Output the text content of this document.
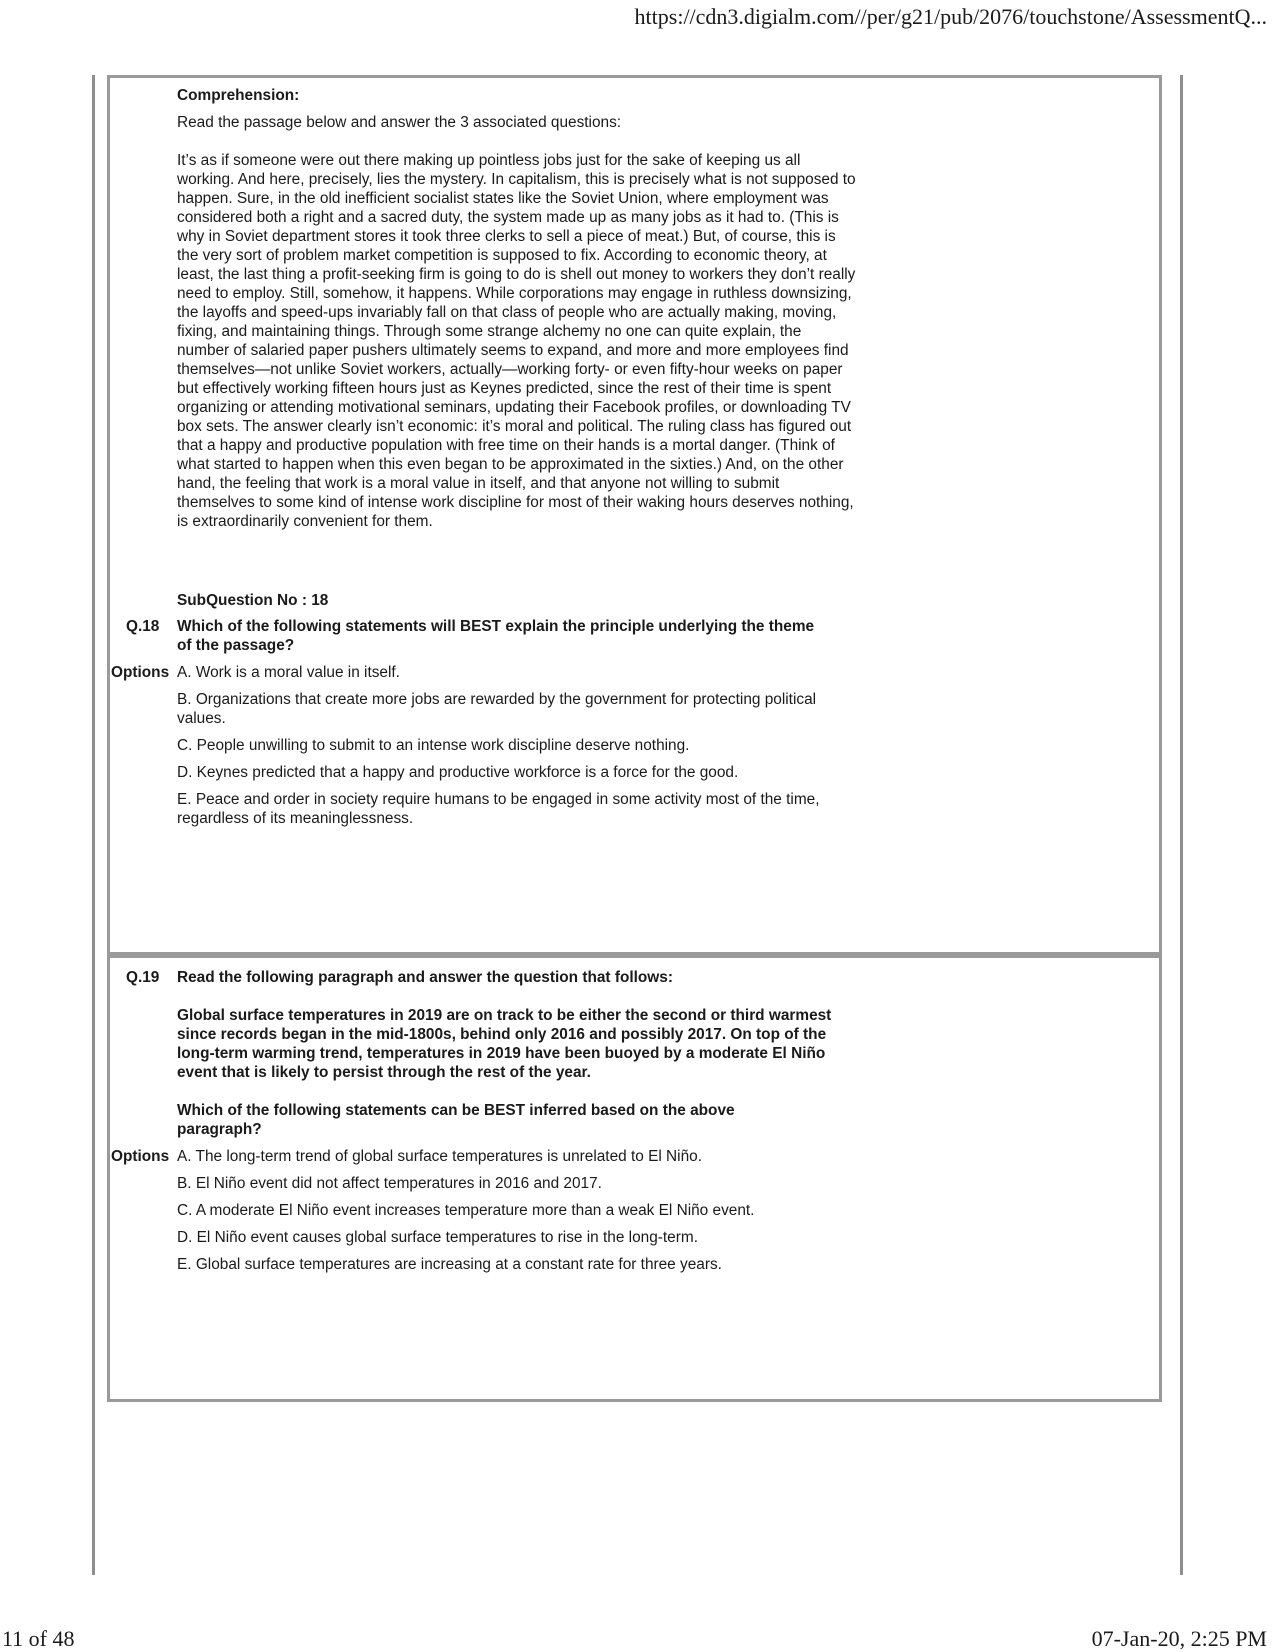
https://cdn3.digialm.com//per/g21/pub/2076/touchstone/AssessmentQ...
Comprehension:
Read the passage below and answer the 3 associated questions:

It’s as if someone were out there making up pointless jobs just for the sake of keeping us all working. And here, precisely, lies the mystery. In capitalism, this is precisely what is not supposed to happen. Sure, in the old inefficient socialist states like the Soviet Union, where employment was considered both a right and a sacred duty, the system made up as many jobs as it had to. (This is why in Soviet department stores it took three clerks to sell a piece of meat.) But, of course, this is the very sort of problem market competition is supposed to fix. According to economic theory, at least, the last thing a profit-seeking firm is going to do is shell out money to workers they don’t really need to employ. Still, somehow, it happens. While corporations may engage in ruthless downsizing, the layoffs and speed-ups invariably fall on that class of people who are actually making, moving, fixing, and maintaining things. Through some strange alchemy no one can quite explain, the number of salaried paper pushers ultimately seems to expand, and more and more employees find themselves—not unlike Soviet workers, actually—working forty- or even fifty-hour weeks on paper but effectively working fifteen hours just as Keynes predicted, since the rest of their time is spent organizing or attending motivational seminars, updating their Facebook profiles, or downloading TV box sets. The answer clearly isn’t economic: it’s moral and political. The ruling class has figured out that a happy and productive population with free time on their hands is a mortal danger. (Think of what started to happen when this even began to be approximated in the sixties.) And, on the other hand, the feeling that work is a moral value in itself, and that anyone not willing to submit themselves to some kind of intense work discipline for most of their waking hours deserves nothing, is extraordinarily convenient for them.

SubQuestion No : 18
Q.18 Which of the following statements will BEST explain the principle underlying the theme of the passage?
Options A. Work is a moral value in itself.
B. Organizations that create more jobs are rewarded by the government for protecting political values.
C. People unwilling to submit to an intense work discipline deserve nothing.
D. Keynes predicted that a happy and productive workforce is a force for the good.
E. Peace and order in society require humans to be engaged in some activity most of the time, regardless of its meaninglessness.
Q.19 Read the following paragraph and answer the question that follows:

Global surface temperatures in 2019 are on track to be either the second or third warmest since records began in the mid-1800s, behind only 2016 and possibly 2017. On top of the long-term warming trend, temperatures in 2019 have been buoyed by a moderate El Niño event that is likely to persist through the rest of the year.

Which of the following statements can be BEST inferred based on the above paragraph?
Options A. The long-term trend of global surface temperatures is unrelated to El Niño.
B. El Niño event did not affect temperatures in 2016 and 2017.
C. A moderate El Niño event increases temperature more than a weak El Niño event.
D. El Niño event causes global surface temperatures to rise in the long-term.
E. Global surface temperatures are increasing at a constant rate for three years.
11 of 48	07-Jan-20, 2:25 PM
